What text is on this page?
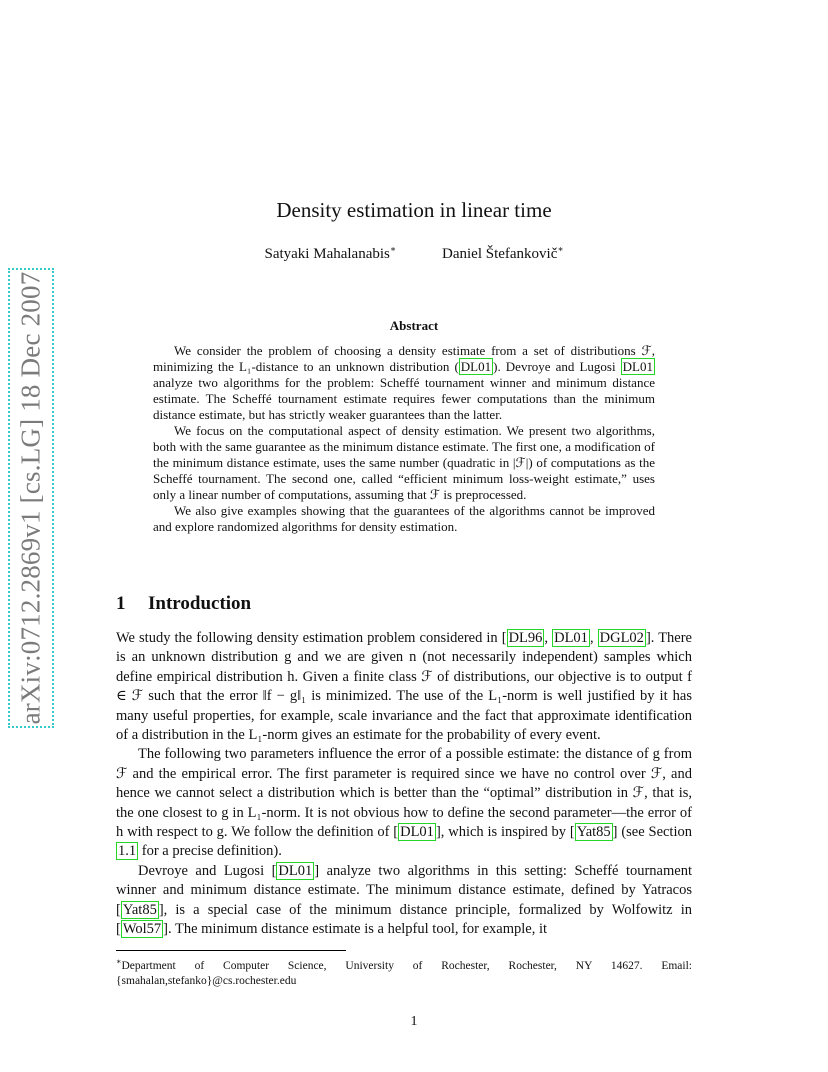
arXiv:0712.2869v1 [cs.LG] 18 Dec 2007
Density estimation in linear time
Satyaki Mahalanabis∗	Daniel Štefankovič∗
Abstract

We consider the problem of choosing a density estimate from a set of distributions ℱ, minimizing the L₁-distance to an unknown distribution ( DL01 ). Devroye and Lugosi DL01 analyze two algorithms for the problem: Scheffé tournament winner and minimum distance estimate. The Scheffé tournament estimate requires fewer computations than the minimum distance estimate, but has strictly weaker guarantees than the latter.

We focus on the computational aspect of density estimation. We present two algorithms, both with the same guarantee as the minimum distance estimate. The first one, a modification of the minimum distance estimate, uses the same number (quadratic in |ℱ|) of computations as the Scheffé tournament. The second one, called “efficient minimum loss-weight estimate,” uses only a linear number of computations, assuming that ℱ is preprocessed.

We also give examples showing that the guarantees of the algorithms cannot be improved and explore randomized algorithms for density estimation.

1 Introduction

We study the following density estimation problem considered in [ DL96 , DL01 , DGL02 ]. There is an unknown distribution g and we are given n (not necessarily independent) samples which define empirical distribution h. Given a finite class ℱ of distributions, our objective is to output f ∈ ℱ such that the error ‖f − g‖₁ is minimized. The use of the L₁-norm is well justified by it has many useful properties, for example, scale invariance and the fact that approximate identification of a distribution in the L₁-norm gives an estimate for the probability of every event.

The following two parameters influence the error of a possible estimate: the distance of g from ℱ and the empirical error. The first parameter is required since we have no control over ℱ, and hence we cannot select a distribution which is better than the “optimal” distribution in ℱ, that is, the one closest to g in L₁-norm. It is not obvious how to define the second parameter—the error of h with respect to g. We follow the definition of [ DL01 ], which is inspired by [ Yat85 ] (see Section 1.1 for a precise definition).

Devroye and Lugosi [ DL01 ] analyze two algorithms in this setting: Scheffé tournament winner and minimum distance estimate. The minimum distance estimate, defined by Yatracos [ Yat85 ], is a special case of the minimum distance principle, formalized by Wolfowitz in [ Wol57 ]. The minimum distance estimate is a helpful tool, for example, it

∗Department of Computer Science, University of Rochester, Rochester, NY 14627. Email: {smahalan,stefanko}@cs.rochester.edu
1
